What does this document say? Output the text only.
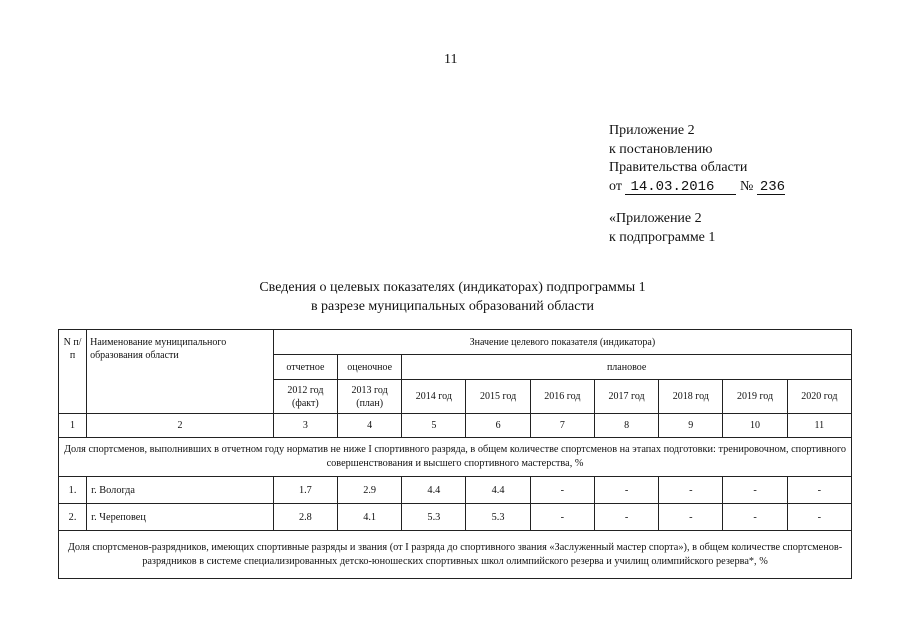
11
Приложение 2
к постановлению
Правительства области
от 14.03.2016 № 236
«Приложение 2
к подпрограмме 1
Сведения о целевых показателях (индикаторах) подпрограммы 1
в разрезе муниципальных образований области
N п/п	Наименование муниципального образования области	Значение целевого показателя (индикатора)								
		отчетное	оценочное	плановое						
		2012 год (факт)	2013 год (план)	2014 год	2015 год	2016 год	2017 год	2018 год	2019 год	2020 год
1	2	3	4	5	6	7	8	9	10	11
Доля спортсменов, выполнивших в отчетном году норматив не ниже I спортивного разряда, в общем количестве спортсменов на этапах подготовки: тренировочном, спортивного совершенствования и высшего спортивного мастерства, %										
1.	г. Вологда	1.7	2.9	4.4	4.4	-	-	-	-	-
2.	г. Череповец	2.8	4.1	5.3	5.3	-	-	-	-	-
Доля спортсменов-разрядников, имеющих спортивные разряды и звания (от I разряда до спортивного звания «Заслуженный мастер спорта»), в общем количестве спортсменов-разрядников в системе специализированных детско-юношеских спортивных школ олимпийского резерва и училищ олимпийского резерва*, %										
